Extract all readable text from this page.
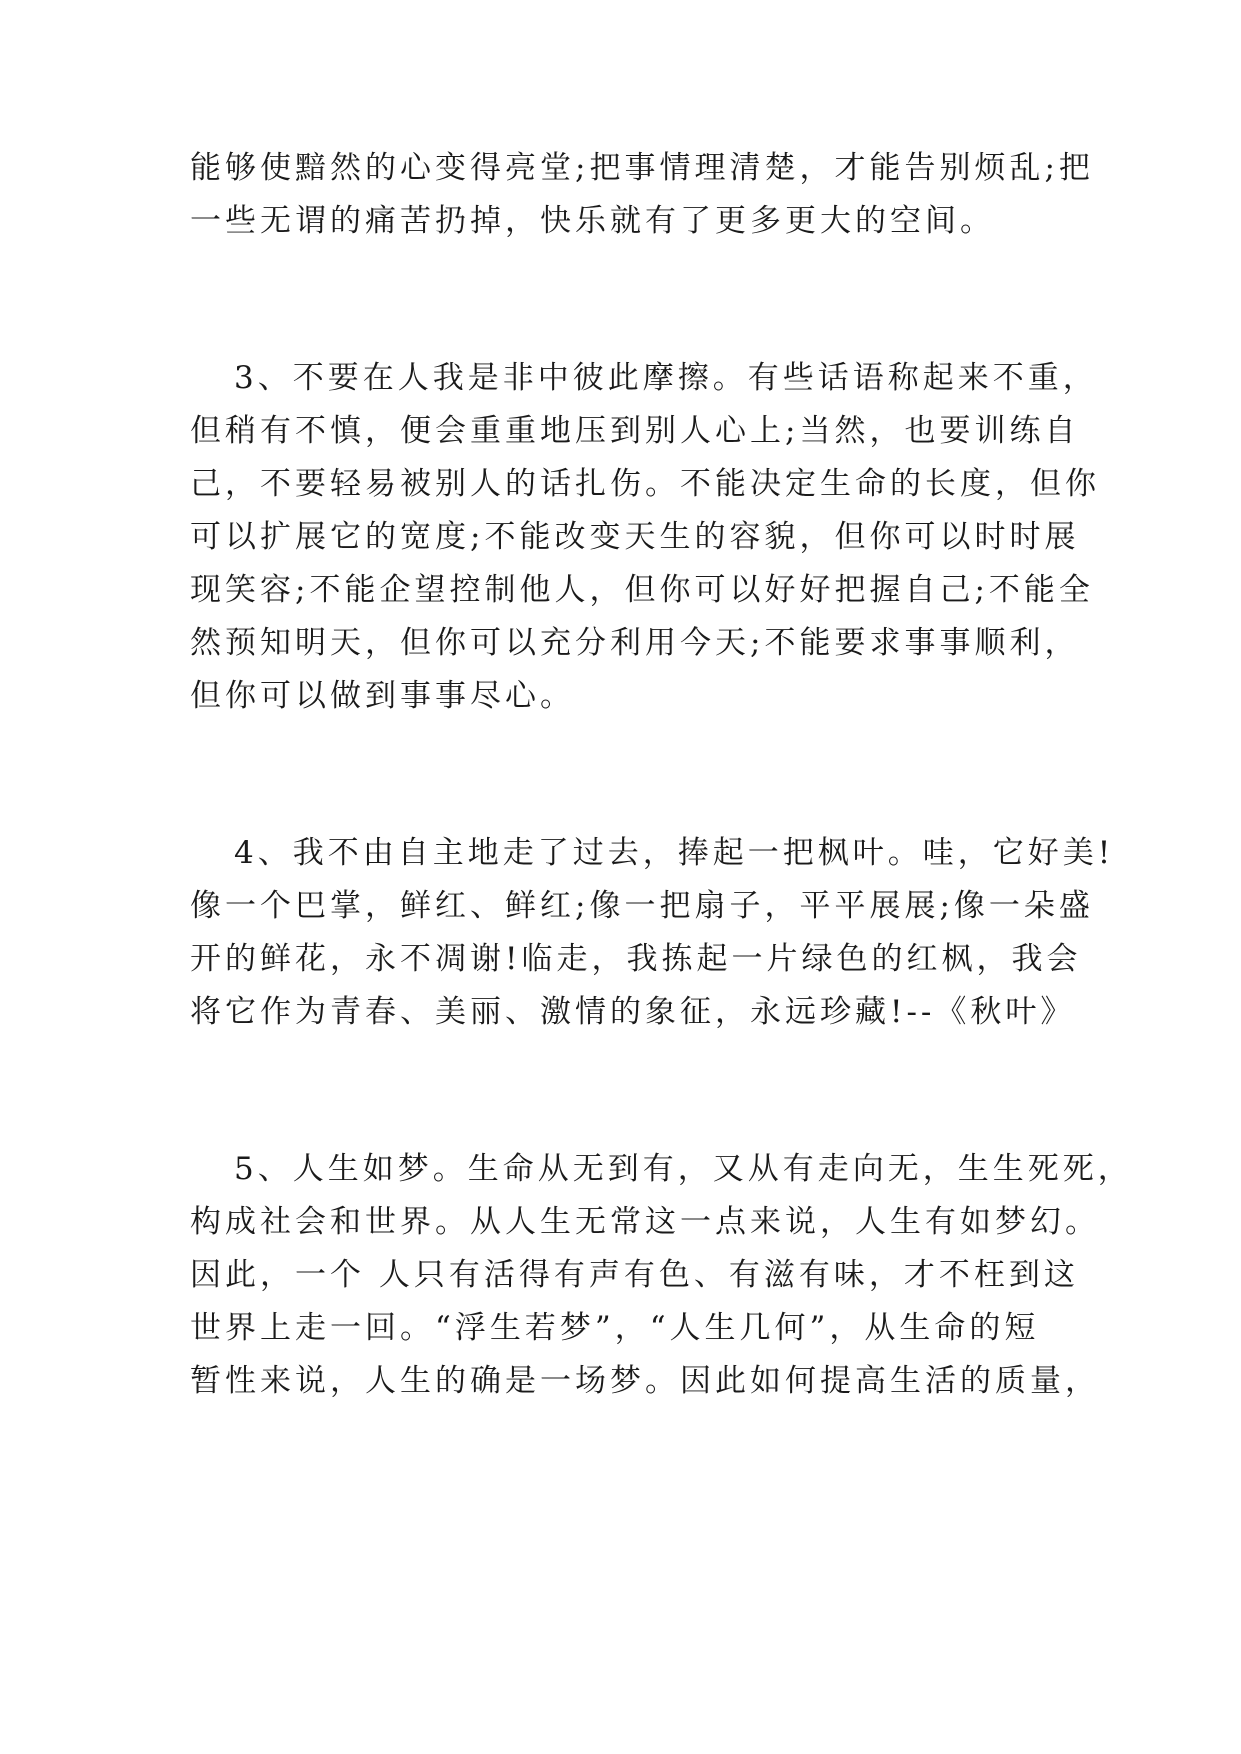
能够使黯然的心变得亮堂;把事情理清楚，才能告别烦乱;把

一些无谓的痛苦扔掉，快乐就有了更多更大的空间。

3、不要在人我是非中彼此摩擦。有些话语称起来不重，

但稍有不慎，便会重重地压到别人心上;当然，也要训练自

己，不要轻易被别人的话扎伤。不能决定生命的长度，但你

可以扩展它的宽度;不能改变天生的容貌，但你可以时时展

现笑容;不能企望控制他人，但你可以好好把握自己;不能全

然预知明天，但你可以充分利用今天;不能要求事事顺利，

但你可以做到事事尽心。

4、我不由自主地走了过去，捧起一把枫叶。哇，它好美!

像一个巴掌，鲜红、鲜红;像一把扇子，平平展展;像一朵盛

开的鲜花，永不凋谢!临走，我拣起一片绿色的红枫，我会

将它作为青春、美丽、激情的象征，永远珍藏!--《秋叶》

5、人生如梦。生命从无到有，又从有走向无，生生死死，

构成社会和世界。从人生无常这一点来说，人生有如梦幻。

因此，一个 人只有活得有声有色、有滋有味，才不枉到这

世界上走一回。“浮生若梦”，“人生几何”，从生命的短

暂性来说，人生的确是一场梦。因此如何提高生活的质量，
